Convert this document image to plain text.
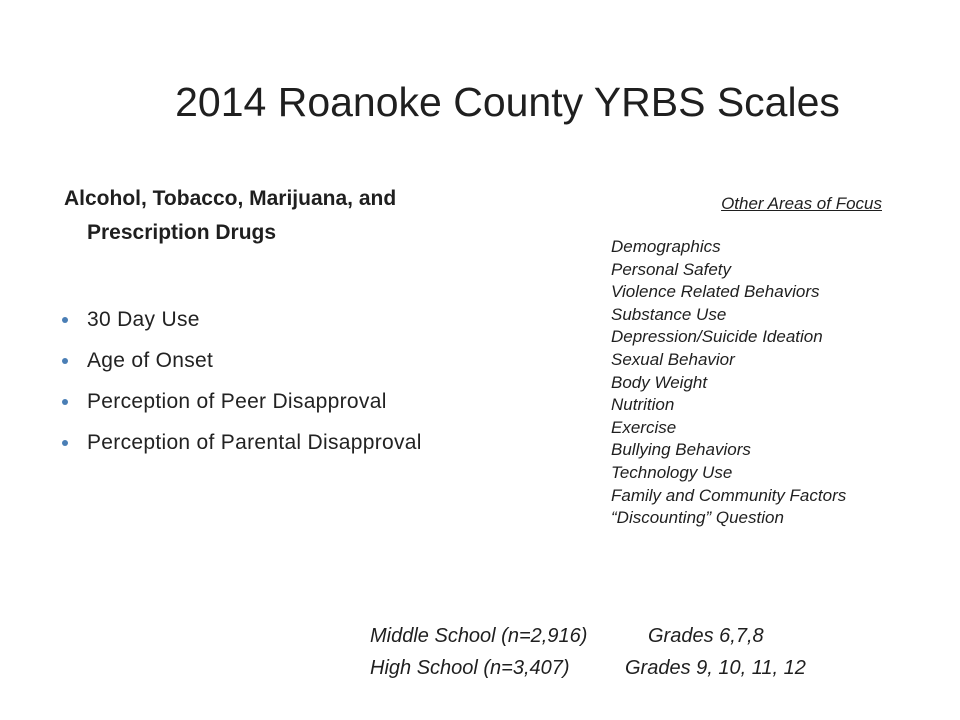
2014 Roanoke County YRBS Scales
Alcohol, Tobacco, Marijuana, and
Prescription Drugs
30 Day Use
Age of Onset
Perception of Peer Disapproval
Perception of Parental Disapproval
Other Areas of Focus
Demographics
Personal Safety
Violence Related Behaviors
Substance Use
Depression/Suicide Ideation
Sexual Behavior
Body Weight
Nutrition
Exercise
Bullying Behaviors
Technology Use
Family and Community Factors
“Discounting” Question
Middle School (n=2,916)	Grades 6,7,8
High School (n=3,407)	Grades 9, 10, 11, 12
